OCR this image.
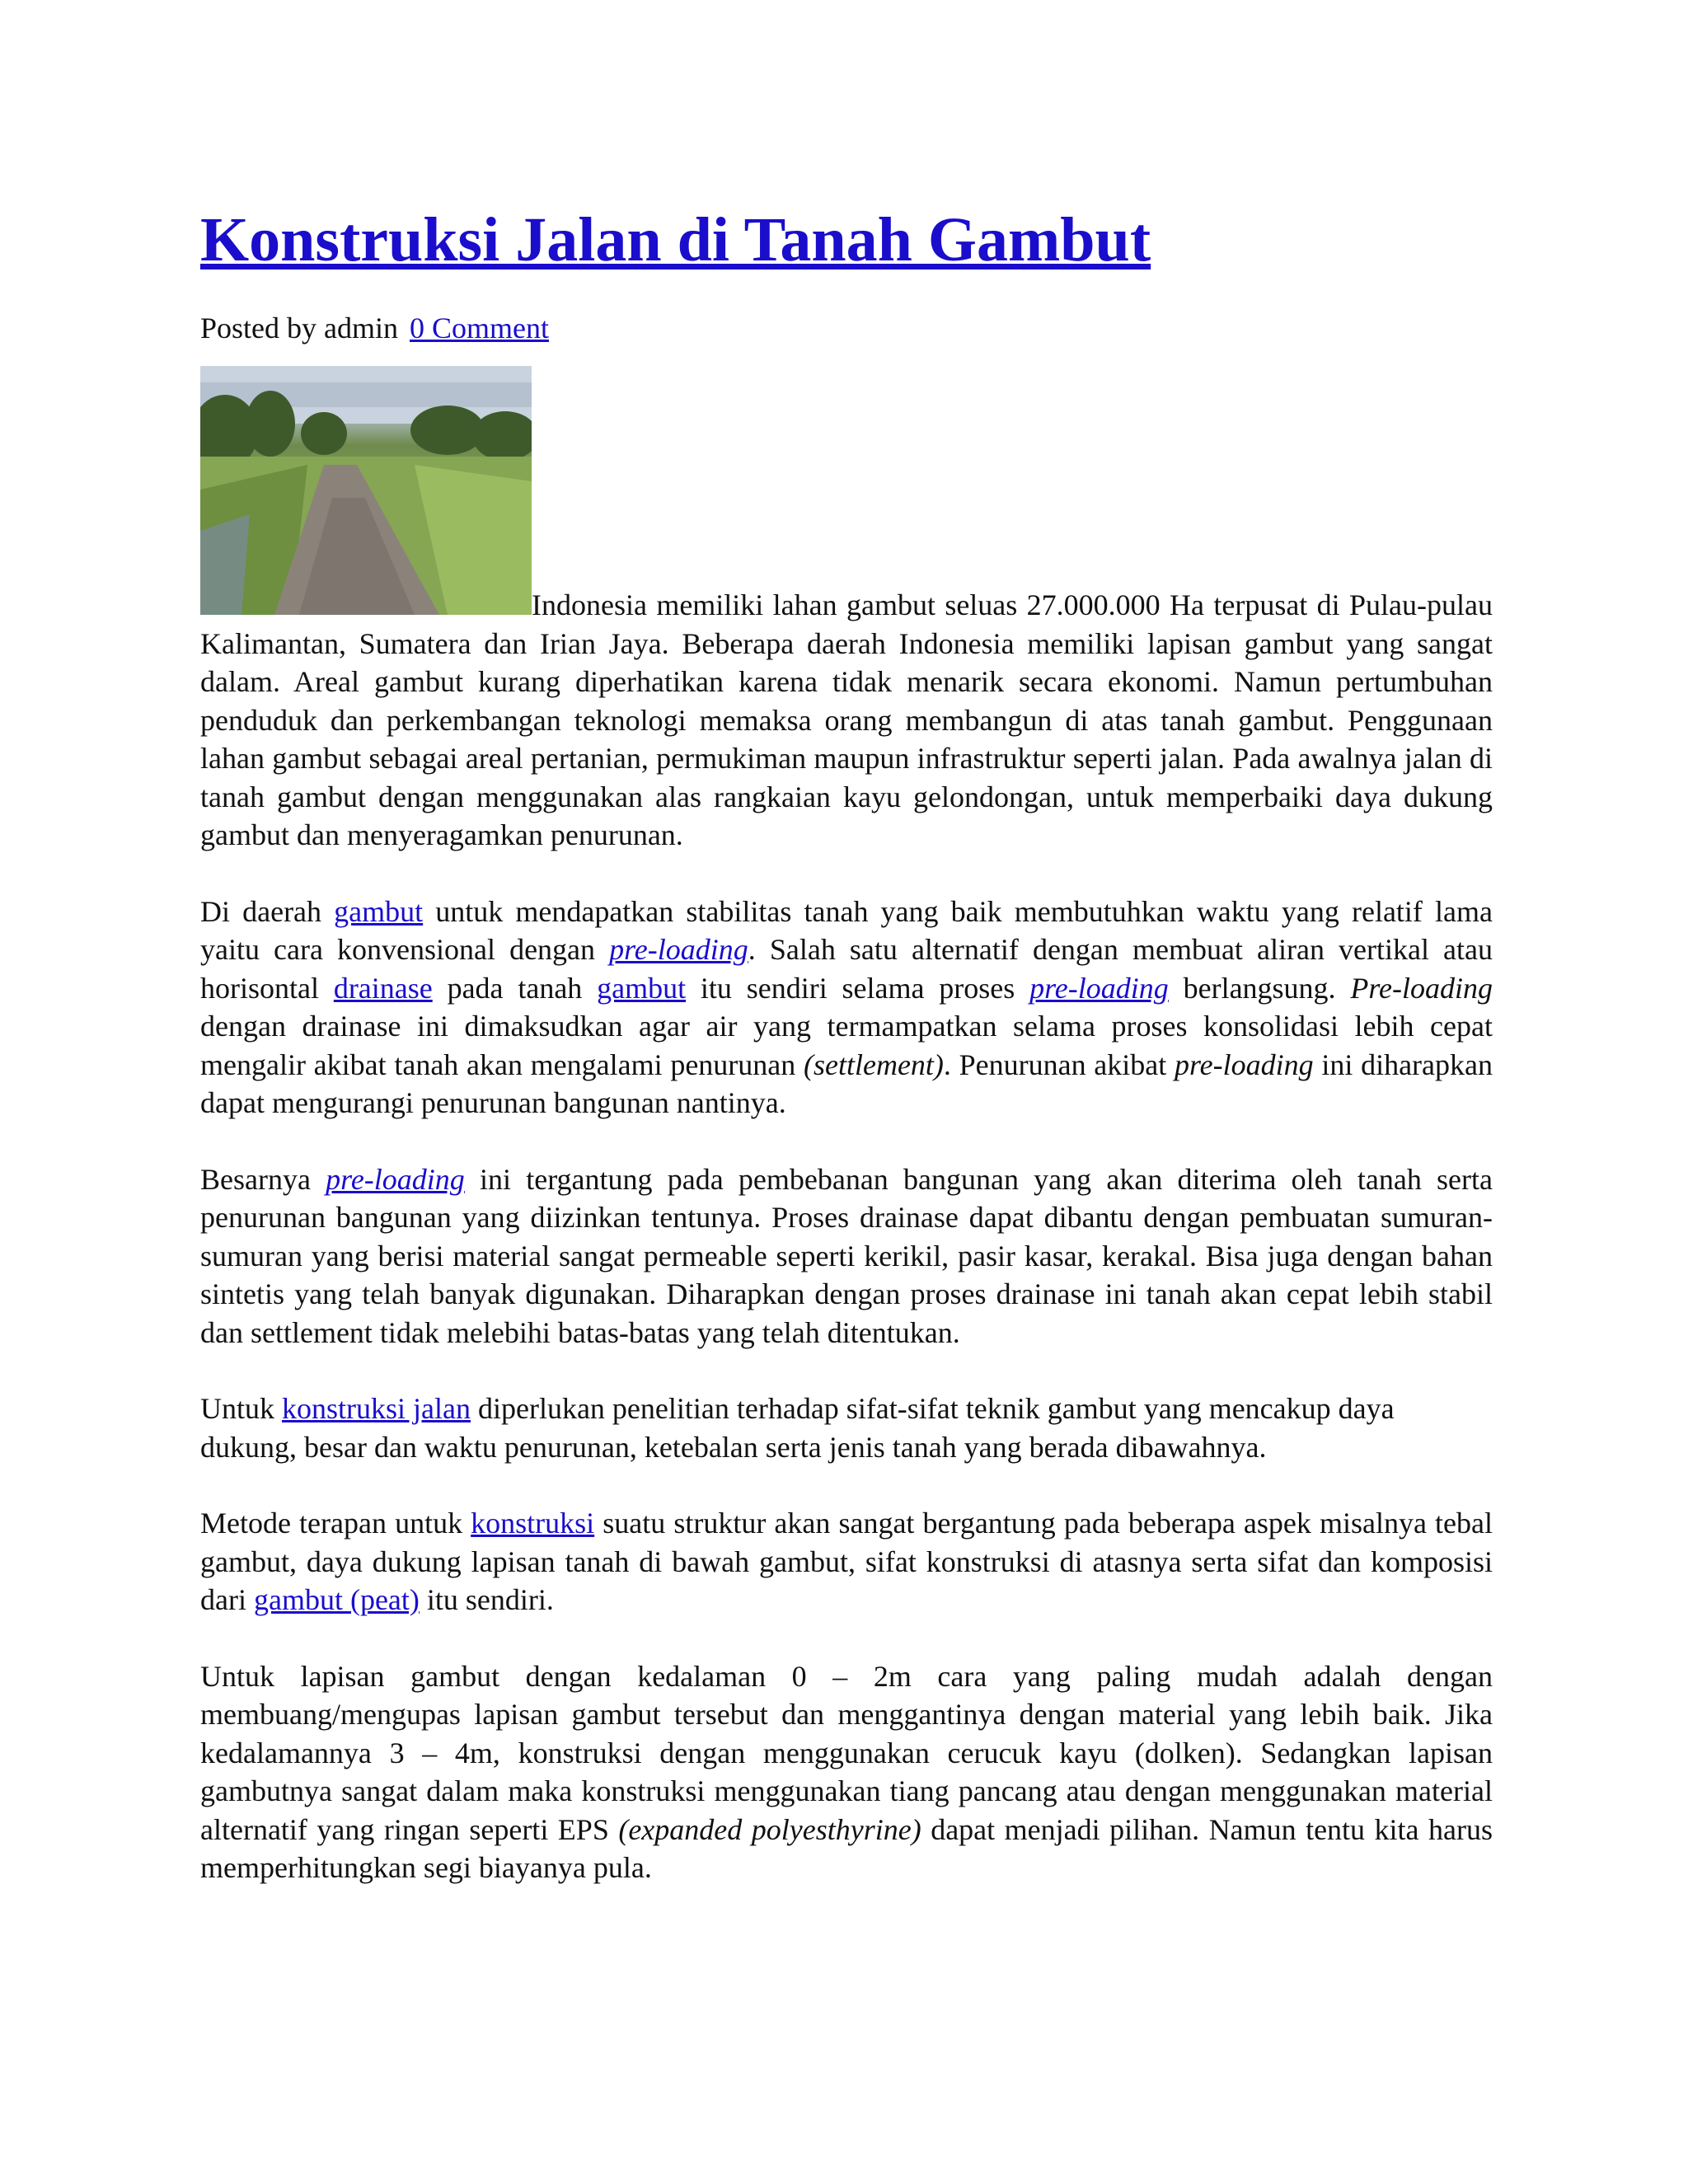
Konstruksi Jalan di Tanah Gambut
Posted by admin 0 Comment

Indonesia memiliki lahan gambut seluas 27.000.000 Ha terpusat di Pulau-pulau Kalimantan, Sumatera dan Irian Jaya. Beberapa daerah Indonesia memiliki lapisan gambut yang sangat dalam. Areal gambut kurang diperhatikan karena tidak menarik secara ekonomi. Namun pertumbuhan penduduk dan perkembangan teknologi memaksa orang membangun di atas tanah gambut. Penggunaan lahan gambut sebagai areal pertanian, permukiman maupun infrastruktur seperti jalan. Pada awalnya jalan di tanah gambut dengan menggunakan alas rangkaian kayu gelondongan, untuk memperbaiki daya dukung gambut dan menyeragamkan penurunan.

Di daerah gambut untuk mendapatkan stabilitas tanah yang baik membutuhkan waktu yang relatif lama yaitu cara konvensional dengan pre-loading. Salah satu alternatif dengan membuat aliran vertikal atau horisontal drainase pada tanah gambut itu sendiri selama proses pre-loading berlangsung. Pre-loading dengan drainase ini dimaksudkan agar air yang termampatkan selama proses konsolidasi lebih cepat mengalir akibat tanah akan mengalami penurunan (settlement). Penurunan akibat pre-loading ini diharapkan dapat mengurangi penurunan bangunan nantinya.

Besarnya pre-loading ini tergantung pada pembebanan bangunan yang akan diterima oleh tanah serta penurunan bangunan yang diizinkan tentunya. Proses drainase dapat dibantu dengan pembuatan sumuran-sumuran yang berisi material sangat permeable seperti kerikil, pasir kasar, kerakal. Bisa juga dengan bahan sintetis yang telah banyak digunakan. Diharapkan dengan proses drainase ini tanah akan cepat lebih stabil dan settlement tidak melebihi batas-batas yang telah ditentukan.

Untuk konstruksi jalan diperlukan penelitian terhadap sifat-sifat teknik gambut yang mencakup daya dukung, besar dan waktu penurunan, ketebalan serta jenis tanah yang berada dibawahnya.

Metode terapan untuk konstruksi suatu struktur akan sangat bergantung pada beberapa aspek misalnya tebal gambut, daya dukung lapisan tanah di bawah gambut, sifat konstruksi di atasnya serta sifat dan komposisi dari gambut (peat) itu sendiri.

Untuk lapisan gambut dengan kedalaman 0 – 2m cara yang paling mudah adalah dengan membuang/mengupas lapisan gambut tersebut dan menggantinya dengan material yang lebih baik. Jika kedalamannya 3 – 4m, konstruksi dengan menggunakan cerucuk kayu (dolken). Sedangkan lapisan gambutnya sangat dalam maka konstruksi menggunakan tiang pancang atau dengan menggunakan material alternatif yang ringan seperti EPS (expanded polyesthyrine) dapat menjadi pilihan. Namun tentu kita harus memperhitungkan segi biayanya pula.
